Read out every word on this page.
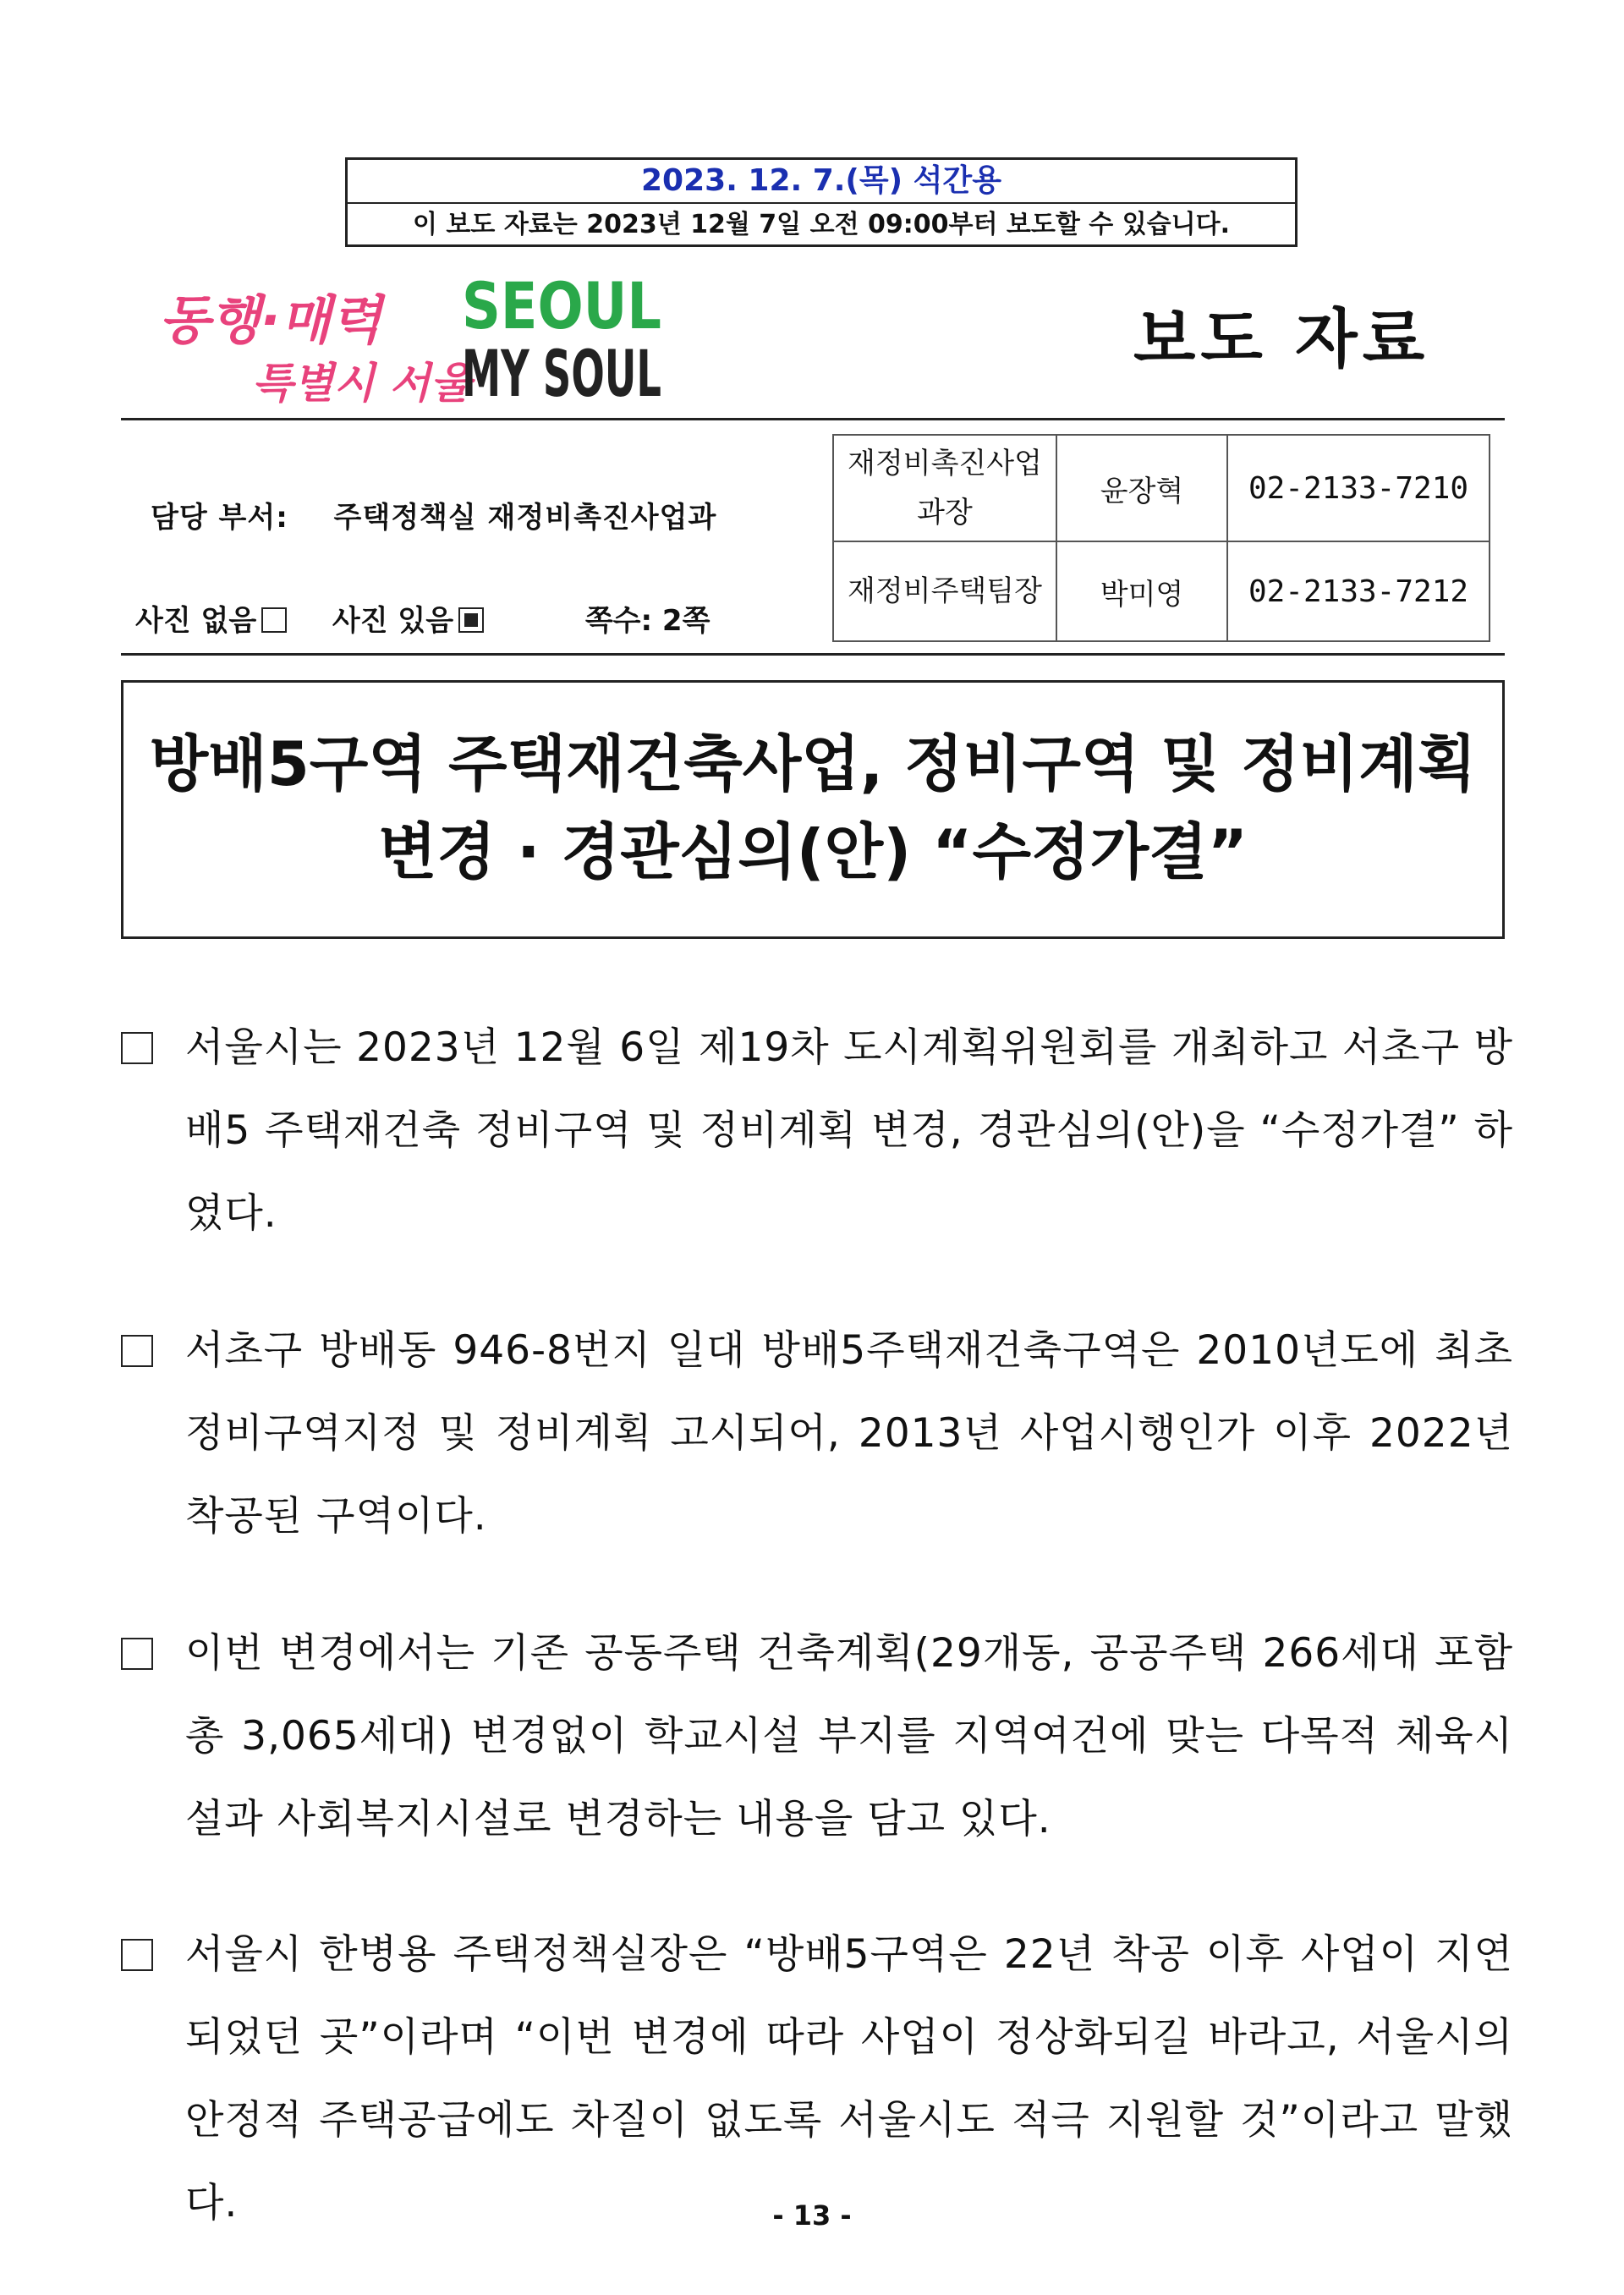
2023. 12. 7.(목) 석간용
이 보도 자료는 2023년 12월 7일 오전 09:00부터 보도할 수 있습니다.
동행·매력
특별시 서울
SEOUL
MY SOUL	보도 자료
담당 부서: 주택정책실 재정비촉진사업과
사진 없음	사진 있음	쪽수: 2쪽
재정비촉진사업
과장	윤장혁	02-2133-7210
재정비주택팀장	박미영	02-2133-7212
방배5구역 주택재건축사업, 정비구역 및 정비계획
변경 · 경관심의(안) “수정가결”
서울시는 2023년 12월 6일 제19차 도시계획위원회를 개최하고 서초구 방배5 주택재건축 정비구역 및 정비계획 변경, 경관심의(안)을 “수정가결” 하였다.
서초구 방배동 946-8번지 일대 방배5주택재건축구역은 2010년도에 최초 정비구역지정 및 정비계획 고시되어, 2013년 사업시행인가 이후 2022년 착공된 구역이다.
이번 변경에서는 기존 공동주택 건축계획(29개동, 공공주택 266세대 포함 총 3,065세대) 변경없이 학교시설 부지를 지역여건에 맞는 다목적 체육시설과 사회복지시설로 변경하는 내용을 담고 있다.
서울시 한병용 주택정책실장은 “방배5구역은 22년 착공 이후 사업이 지연 되었던 곳”이라며 “이번 변경에 따라 사업이 정상화되길 바라고, 서울시의 안정적 주택공급에도 차질이 없도록 서울시도 적극 지원할 것”이라고 말했다.	- 13 -
